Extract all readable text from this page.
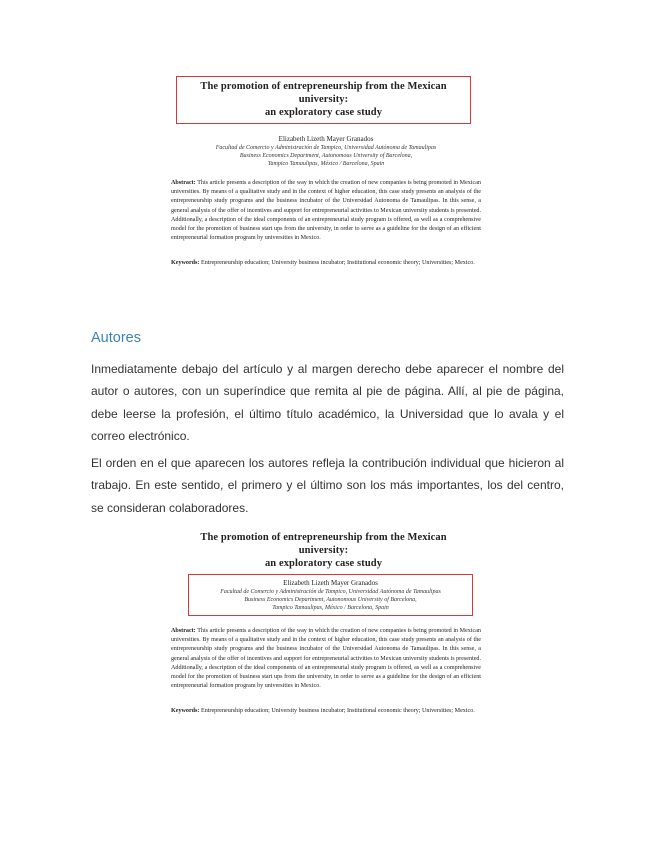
The promotion of entrepreneurship from the Mexican university:
an exploratory case study
Elizabeth Lizeth Mayer Granados
Facultad de Comercio y Administración de Tampico, Universidad Autónoma de Tamaulipas
Business Economics Department, Autonomous University of Barcelona,
Tampico Tamaulipas, México / Barcelona, Spain
Abstract: This article presents a description of the way in which the creation of new companies is being promoted in Mexican universities. By means of a qualitative study and in the context of higher education, this case study presents an analysis of the entrepreneurship study programs and the business incubator of the Universidad Autonoma de Tamaulipas. In this sense, a general analysis of the offer of incentives and support for entrepreneurial activities to Mexican university students is presented. Additionally, a description of the ideal components of an entrepreneurial study program is offered, as well as a comprehensive model for the promotion of business start ups from the university, in order to serve as a guideline for the design of an efficient entrepreneurial formation program by universities in Mexico.
Keywords: Entrepreneurship education; University business incubator; Institutional economic theory; Universities; Mexico.
Autores

Inmediatamente debajo del artículo y al margen derecho debe aparecer el nombre del autor o autores, con un superíndice que remita al pie de página. Allí, al pie de página, debe leerse la profesión, el último título académico, la Universidad que lo avala y el correo electrónico.

El orden en el que aparecen los autores refleja la contribución individual que hicieron al trabajo. En este sentido, el primero y el último son los más importantes, los del centro, se consideran colaboradores.

The promotion of entrepreneurship from the Mexican university:
an exploratory case study
Elizabeth Lizeth Mayer Granados
Facultad de Comercio y Administración de Tampico, Universidad Autónoma de Tamaulipas
Business Economics Department, Autonomous University of Barcelona,
Tampico Tamaulipas, México / Barcelona, Spain
Abstract: This article presents a description of the way in which the creation of new companies is being promoted in Mexican universities. By means of a qualitative study and in the context of higher education, this case study presents an analysis of the entrepreneurship study programs and the business incubator of the Universidad Autonoma de Tamaulipas. In this sense, a general analysis of the offer of incentives and support for entrepreneurial activities to Mexican university students is presented. Additionally, a description of the ideal components of an entrepreneurial study program is offered, as well as a comprehensive model for the promotion of business start ups from the university, in order to serve as a guideline for the design of an efficient entrepreneurial formation program by universities in Mexico.
Keywords: Entrepreneurship education; University business incubator; Institutional economic theory; Universities; Mexico.
